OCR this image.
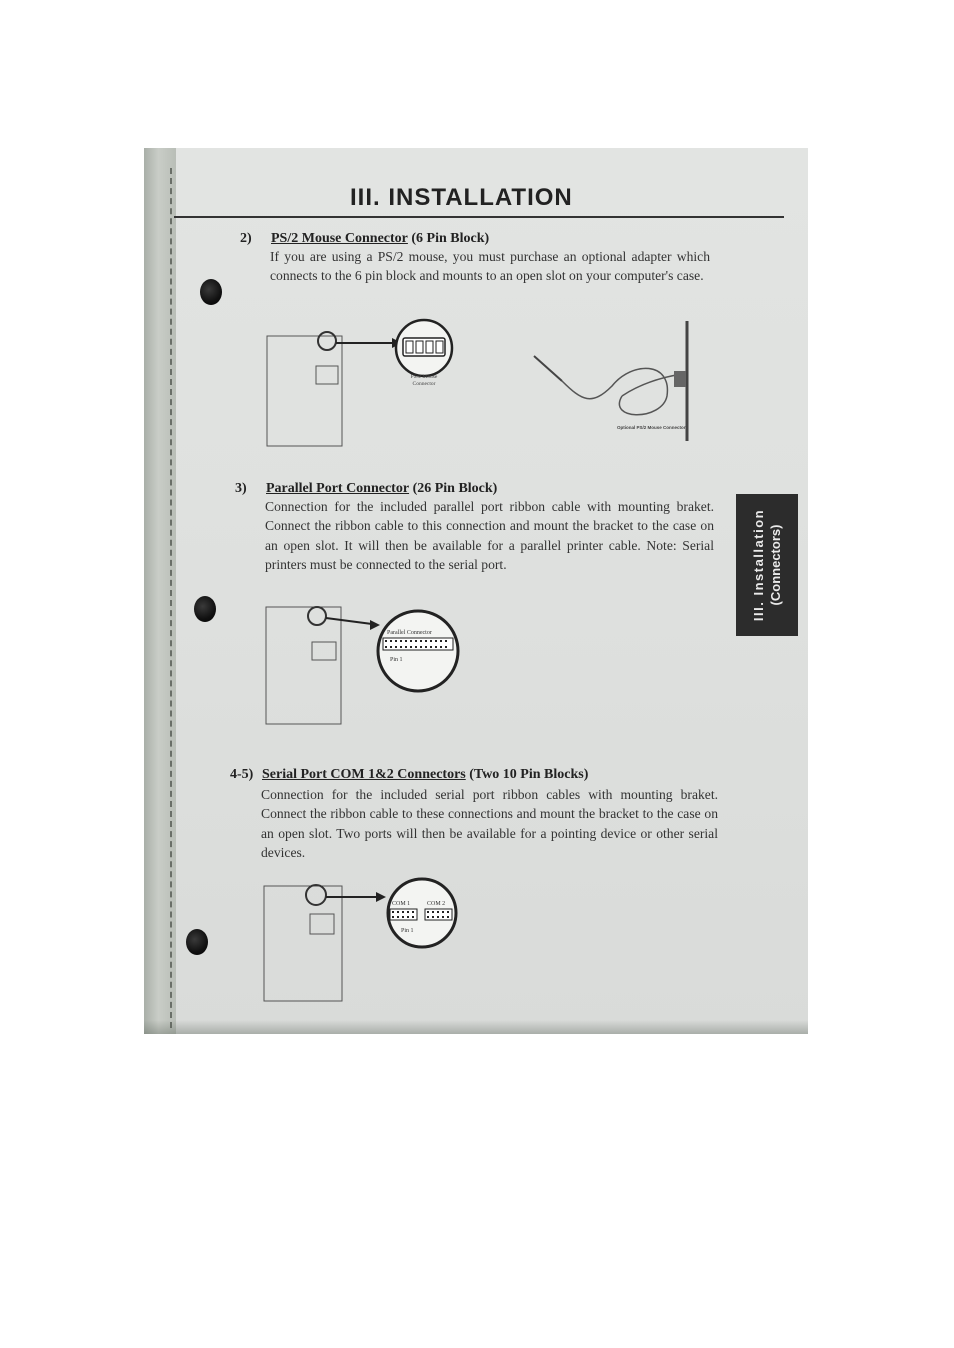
III. INSTALLATION
2) PS/2 Mouse Connector (6 Pin Block)
If you are using a PS/2 mouse, you must purchase an optional adapter which connects to the 6 pin block and mounts to an open slot on your computer's case.
PS/2 Mouse
Connector
Optional PS/2 Mouse Connector
3) Parallel Port Connector (26 Pin Block)
Connection for the included parallel port ribbon cable with mounting braket. Connect the ribbon cable to this connection and mount the bracket to the case on an open slot. It will then be available for a parallel printer cable. Note: Serial printers must be connected to the serial port.
Parallel Connector
Pin 1
4-5) Serial Port COM 1&2 Connectors (Two 10 Pin Blocks)
Connection for the included serial port ribbon cables with mounting braket. Connect the ribbon cable to these connections and mount the bracket to the case on an open slot. Two ports will then be available for a pointing device or other serial devices.
COM 1	COM 2
Pin 1
III. Installation (Connectors)
